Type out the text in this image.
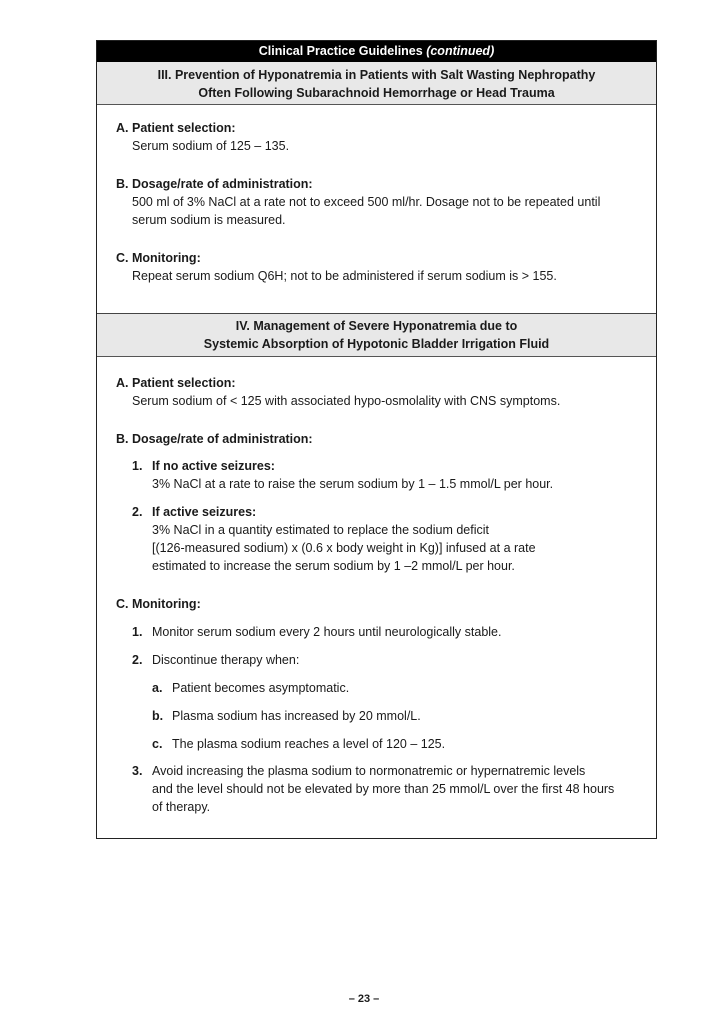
Clinical Practice Guidelines (continued)
III. Prevention of Hyponatremia in Patients with Salt Wasting Nephropathy
Often Following Subarachnoid Hemorrhage or Head Trauma
A. Patient selection:
Serum sodium of 125 – 135.
B. Dosage/rate of administration:
500 ml of 3% NaCl at a rate not to exceed 500 ml/hr. Dosage not to be repeated until
serum sodium is measured.
C. Monitoring:
Repeat serum sodium Q6H; not to be administered if serum sodium is > 155.
IV. Management of Severe Hyponatremia due to
Systemic Absorption of Hypotonic Bladder Irrigation Fluid
A. Patient selection:
Serum sodium of < 125 with associated hypo-osmolality with CNS symptoms.
B. Dosage/rate of administration:
1. If no active seizures:
3% NaCl at a rate to raise the serum sodium by 1 – 1.5 mmol/L per hour.
2. If active seizures:
3% NaCl in a quantity estimated to replace the sodium deficit
[(126-measured sodium) x (0.6 x body weight in Kg)] infused at a rate
estimated to increase the serum sodium by 1 –2 mmol/L per hour.
C. Monitoring:
1. Monitor serum sodium every 2 hours until neurologically stable.
2. Discontinue therapy when:
a. Patient becomes asymptomatic.
b. Plasma sodium has increased by 20 mmol/L.
c. The plasma sodium reaches a level of 120 – 125.
3. Avoid increasing the plasma sodium to normonatremic or hypernatremic levels
and the level should not be elevated by more than 25 mmol/L over the first 48 hours
of therapy.
– 23 –
